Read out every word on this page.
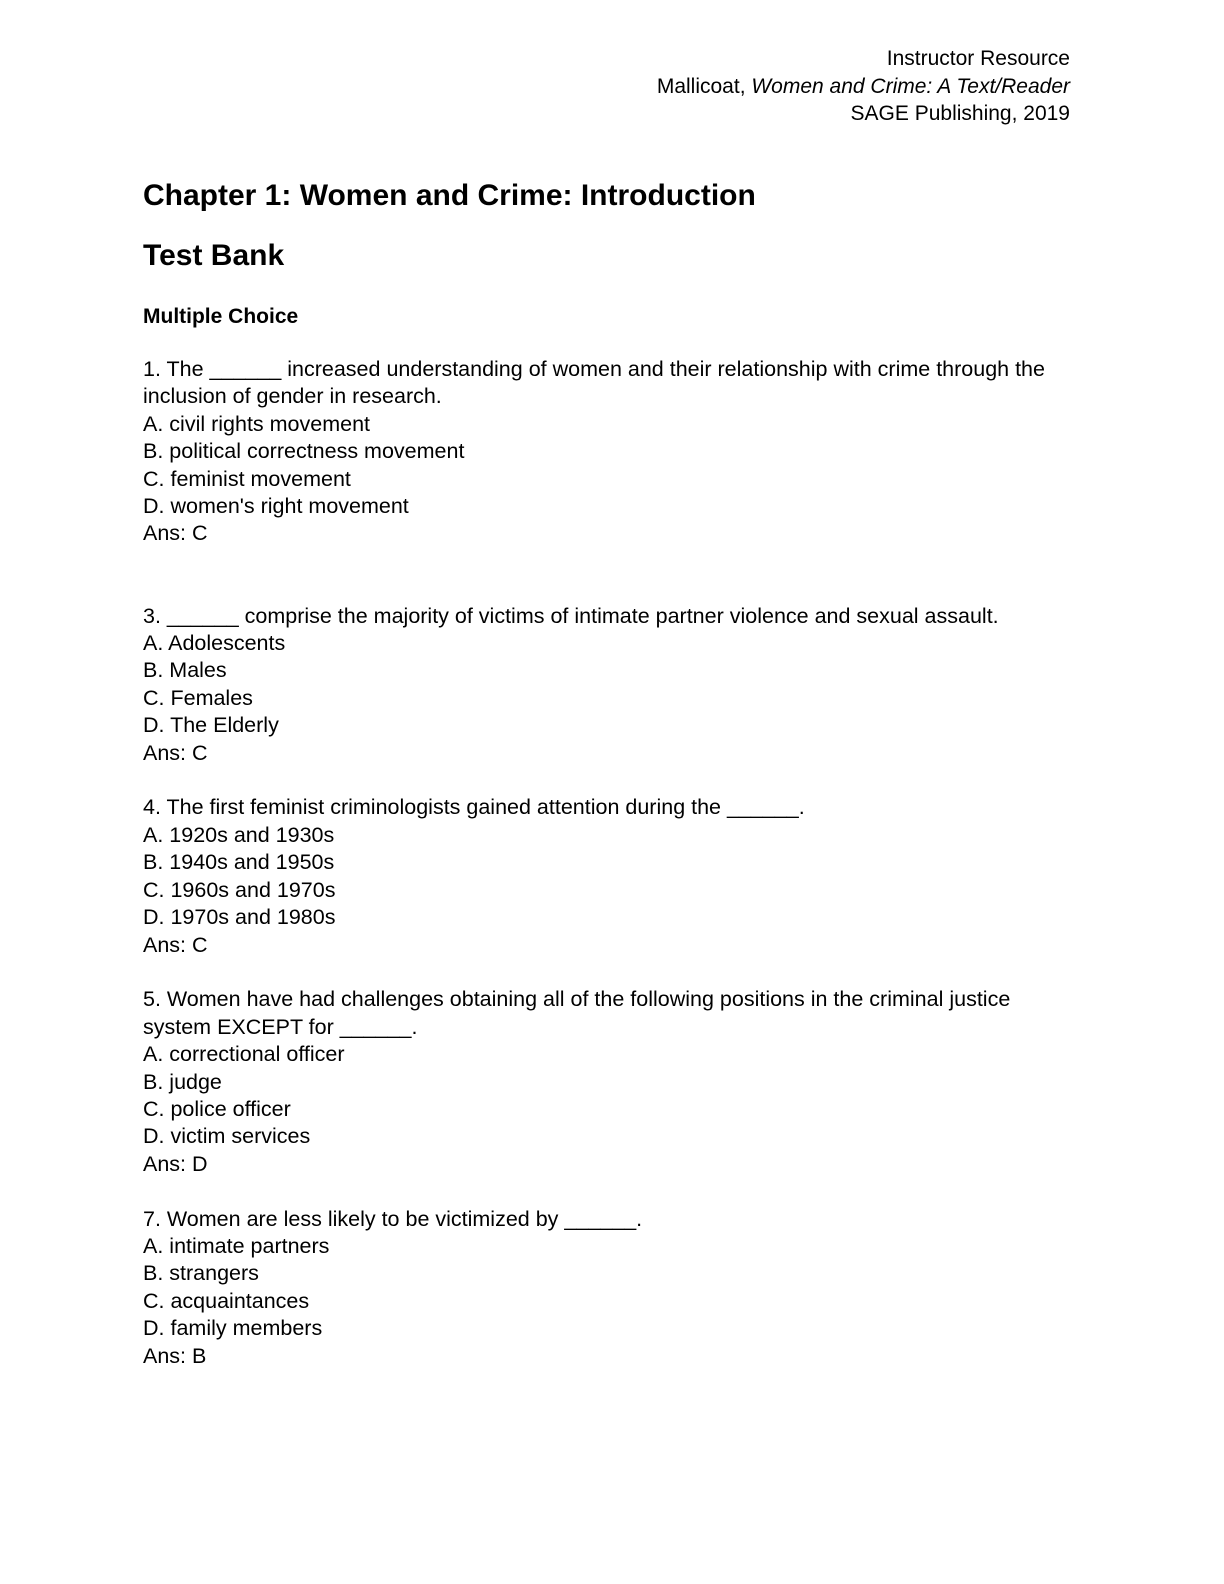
Instructor Resource
Mallicoat, Women and Crime: A Text/Reader
SAGE Publishing, 2019
Chapter 1: Women and Crime: Introduction
Test Bank
Multiple Choice

1. The ______ increased understanding of women and their relationship with crime through the inclusion of gender in research.

A. civil rights movement

B. political correctness movement

C. feminist movement

D. women's right movement

Ans: C

3. ______ comprise the majority of victims of intimate partner violence and sexual assault.

A. Adolescents

B. Males

C. Females

D. The Elderly

Ans: C

4. The first feminist criminologists gained attention during the ______.

A. 1920s and 1930s

B. 1940s and 1950s

C. 1960s and 1970s

D. 1970s and 1980s

Ans: C

5. Women have had challenges obtaining all of the following positions in the criminal justice system EXCEPT for ______.

A. correctional officer

B. judge

C. police officer

D. victim services

Ans: D

7. Women are less likely to be victimized by ______.

A. intimate partners

B. strangers

C. acquaintances

D. family members

Ans: B
